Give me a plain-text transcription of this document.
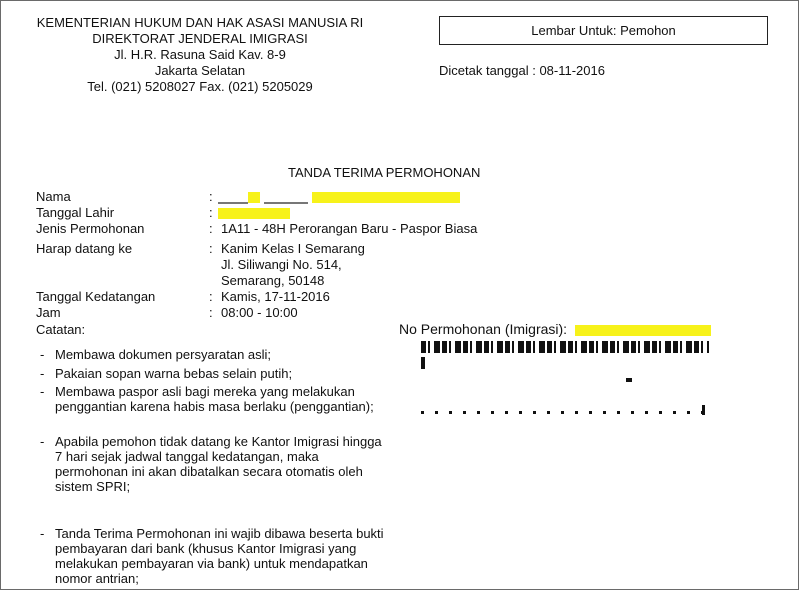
KEMENTERIAN HUKUM DAN HAK ASASI MANUSIA RI
DIREKTORAT JENDERAL IMIGRASI
Jl. H.R. Rasuna Said Kav. 8-9
Jakarta Selatan
Tel. (021) 5208027 Fax. (021) 5205029
Lembar Untuk: Pemohon
Dicetak tanggal : 08-11-2016
TANDA TERIMA PERMOHONAN
Nama	:
Tanggal Lahir	:
Jenis Permohonan	: 1A11 - 48H Perorangan Baru - Paspor Biasa
Harap datang ke	: Kanim Kelas I Semarang
Jl. Siliwangi No. 514,
Semarang, 50148
Tanggal Kedatangan	: Kamis, 17-11-2016
Jam	: 08:00 - 10:00
Catatan:	No Permohonan (Imigrasi):
- Membawa dokumen persyaratan asli;
- Pakaian sopan warna bebas selain putih;
- Membawa paspor asli bagi mereka yang melakukan
penggantian karena habis masa berlaku (penggantian);
- Apabila pemohon tidak datang ke Kantor Imigrasi hingga
7 hari sejak jadwal tanggal kedatangan, maka
permohonan ini akan dibatalkan secara otomatis oleh
sistem SPRI;
- Tanda Terima Permohonan ini wajib dibawa beserta bukti
pembayaran dari bank (khusus Kantor Imigrasi yang
melakukan pembayaran via bank) untuk mendapatkan
nomor antrian;
